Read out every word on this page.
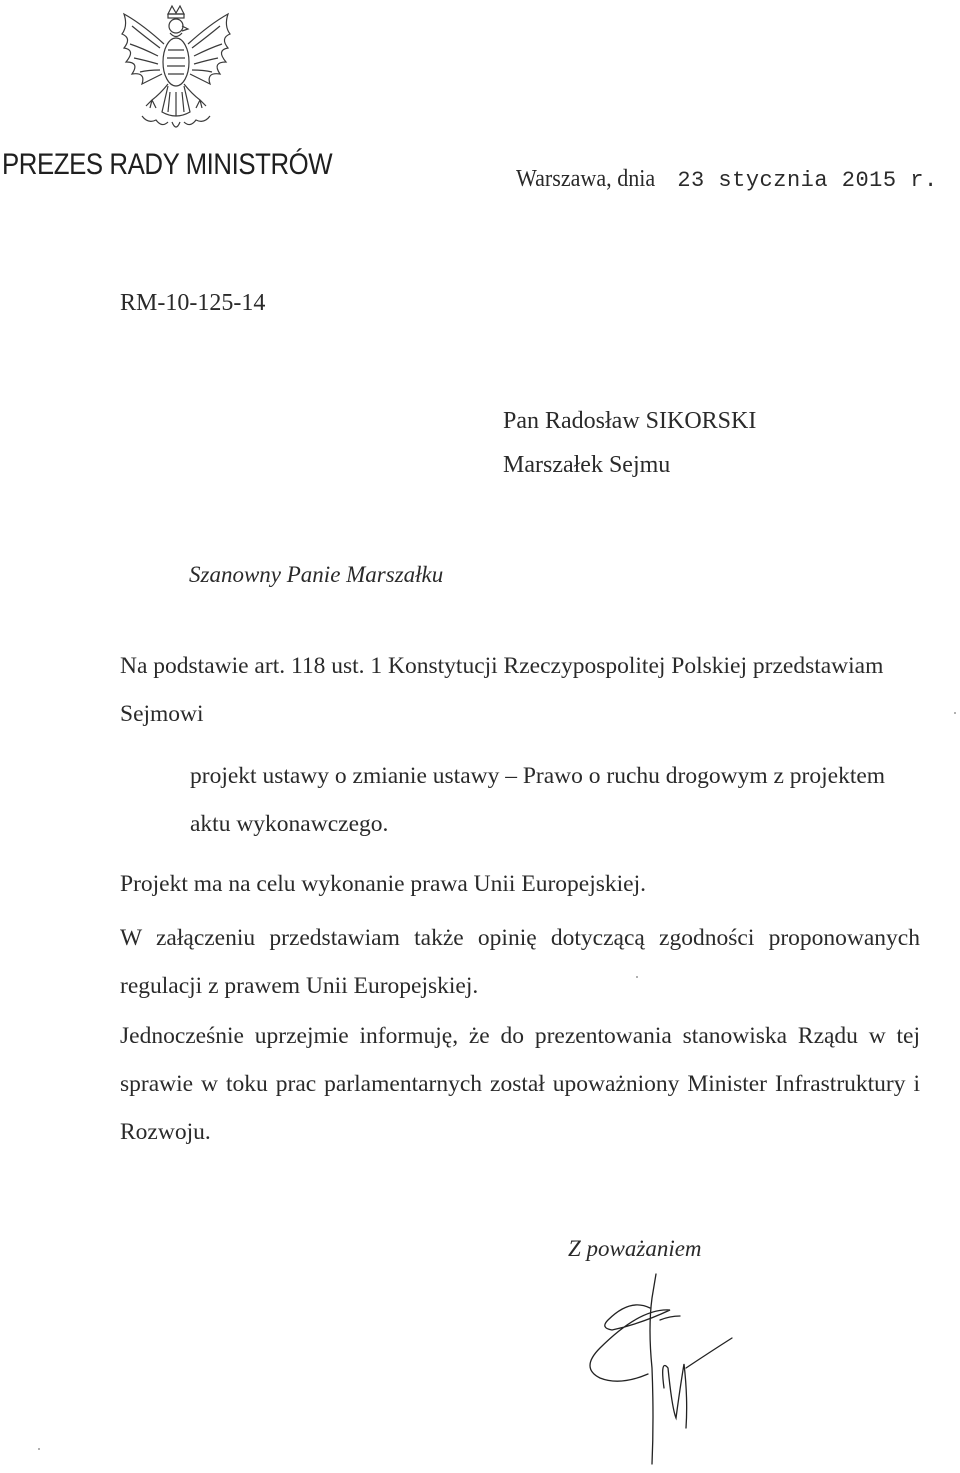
PREZES RADY MINISTRÓW	Warszawa, dnia 23 stycznia 2015 r.
RM-10-125-14
Pan Radosław SIKORSKI
Marszałek Sejmu
Szanowny Panie Marszałku
Na podstawie art. 118 ust. 1 Konstytucji Rzeczypospolitej Polskiej przedstawiam Sejmowi
projekt ustawy o zmianie ustawy – Prawo o ruchu drogowym z projektem aktu wykonawczego.
Projekt ma na celu wykonanie prawa Unii Europejskiej.
W załączeniu przedstawiam także opinię dotyczącą zgodności proponowanych regulacji z prawem Unii Europejskiej.
Jednocześnie uprzejmie informuję, że do prezentowania stanowiska Rządu w tej sprawie w toku prac parlamentarnych został upoważniony Minister Infrastruktury i Rozwoju.
Z poważaniem
